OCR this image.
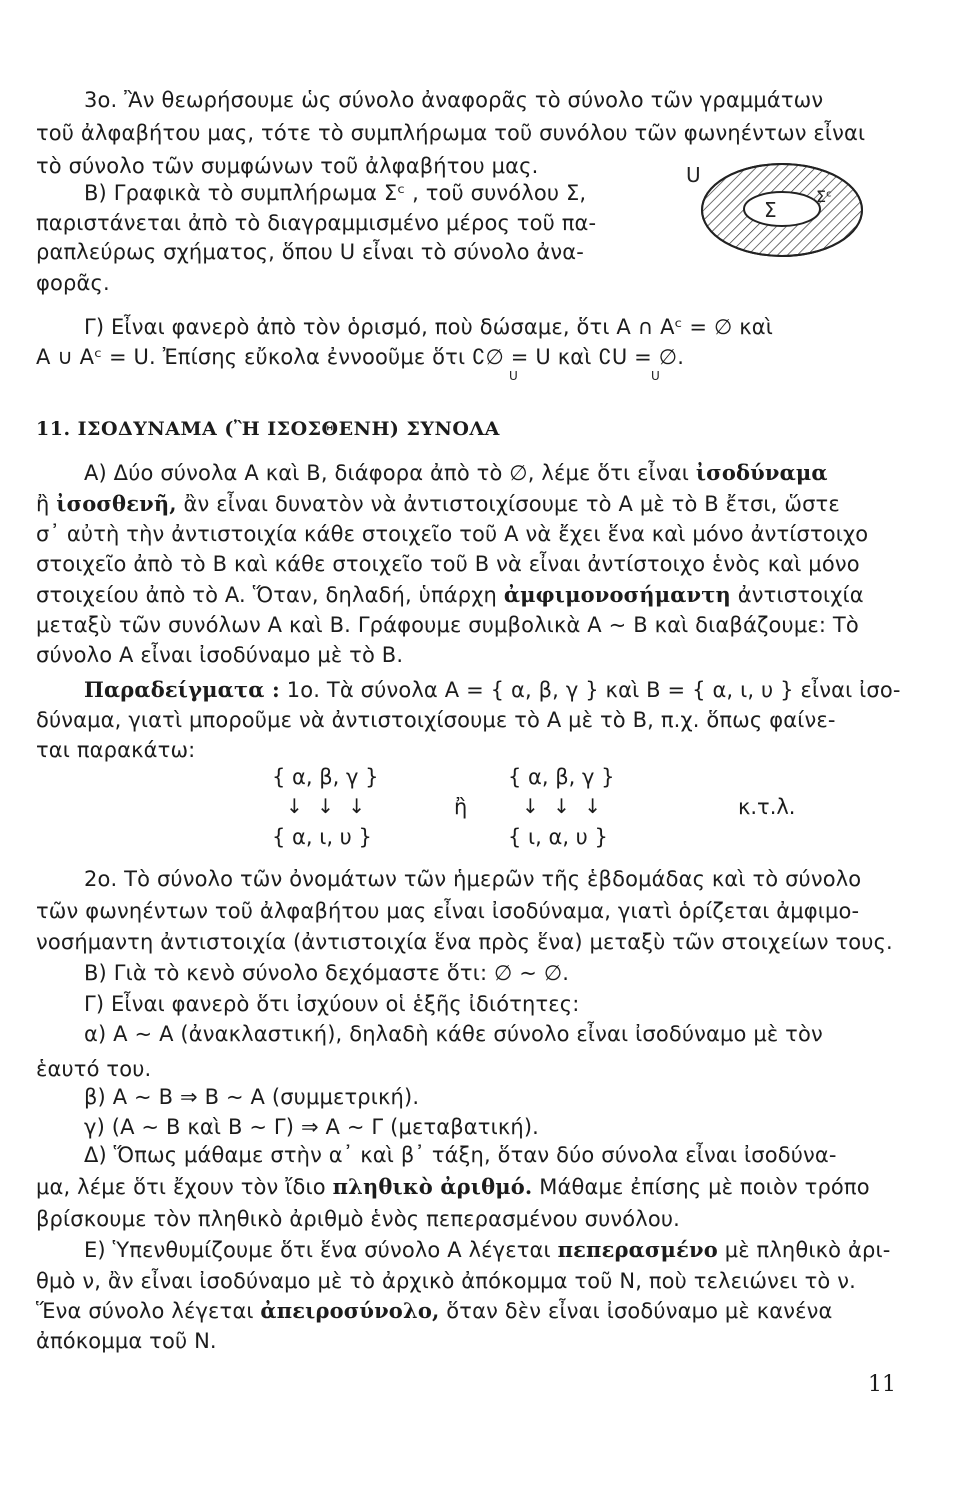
3ο. Ἂν θεωρήσουμε ὡς σύνολο ἀναφορᾶς τὸ σύνολο τῶν γραμμάτων
τοῦ ἀλφαβήτου μας, τότε τὸ συμπλήρωμα τοῦ συνόλου τῶν φωνηέντων εἶναι
τὸ σύνολο τῶν συμφώνων τοῦ ἀλφαβήτου μας.
Β) Γραφικὰ τὸ συμπλήρωμα Σᶜ , τοῦ συνόλου Σ,
παριστάνεται ἀπὸ τὸ διαγραμμισμένο μέρος τοῦ πα-
ραπλεύρως σχήματος, ὅπου U εἶναι τὸ σύνολο ἀνα-
φορᾶς.
U
Σ
Σᶜ
Γ) Εἶναι φανερὸ ἀπὸ τὸν ὁρισμό, ποὺ δώσαμε, ὅτι A ∩ Aᶜ = ∅ καὶ
A ∪ Aᶜ = U. Ἐπίσης εὔκολα ἐννοοῦμε ὅτι ∁∅ = U καὶ ∁U = ∅.
U	U
11. ΙΣΟΔΥΝΑΜΑ (Ἢ ΙΣΟΣΘΕΝΗ) ΣΥΝΟΛΑ
Α) Δύο σύνολα A καὶ B, διάφορα ἀπὸ τὸ ∅, λέμε ὅτι εἶναι ἰσοδύναμα
ἢ ἰσοσθενῆ, ἂν εἶναι δυνατὸν νὰ ἀντιστοιχίσουμε τὸ A μὲ τὸ B ἔτσι, ὥστε
σ᾽ αὐτὴ τὴν ἀντιστοιχία κάθε στοιχεῖο τοῦ A νὰ ἔχει ἕνα καὶ μόνο ἀντίστοιχο
στοιχεῖο ἀπὸ τὸ B καὶ κάθε στοιχεῖο τοῦ B νὰ εἶναι ἀντίστοιχο ἑνὸς καὶ μόνο
στοιχείου ἀπὸ τὸ A. Ὅταν, δηλαδή, ὑπάρχη ἀμφιμονοσήμαντη ἀντιστοιχία
μεταξὺ τῶν συνόλων A καὶ B. Γράφουμε συμβολικὰ A ∼ B καὶ διαβάζουμε: Τὸ
σύνολο A εἶναι ἰσοδύναμο μὲ τὸ B.
Παραδείγματα : 1ο. Τὰ σύνολα A = { α, β, γ } καὶ B = { α, ι, υ } εἶναι ἰσο-
δύναμα, γιατὶ μποροῦμε νὰ ἀντιστοιχίσουμε τὸ A μὲ τὸ B, π.χ. ὅπως φαίνε-
ται παρακάτω:
{ α, β, γ }
↓ ↓ ↓
{ α, ι, υ }
ἢ
{ α, β, γ }
↓ ↓ ↓
{ ι, α, υ }
κ.τ.λ.
2ο. Τὸ σύνολο τῶν ὀνομάτων τῶν ἡμερῶν τῆς ἑβδομάδας καὶ τὸ σύνολο
τῶν φωνηέντων τοῦ ἀλφαβήτου μας εἶναι ἰσοδύναμα, γιατὶ ὁρίζεται ἀμφιμο-
νοσήμαντη ἀντιστοιχία (ἀντιστοιχία ἕνα πρὸς ἕνα) μεταξὺ τῶν στοιχείων τους.
Β) Γιὰ τὸ κενὸ σύνολο δεχόμαστε ὅτι: ∅ ∼ ∅.
Γ) Εἶναι φανερὸ ὅτι ἰσχύουν οἱ ἑξῆς ἰδιότητες:
α) A ∼ A (ἀνακλαστική), δηλαδὴ κάθε σύνολο εἶναι ἰσοδύναμο μὲ τὸν
ἑαυτό του.
β) A ∼ B ⇒ B ∼ A (συμμετρική).
γ) (A ∼ B καὶ B ∼ Γ) ⇒ A ∼ Γ (μεταβατική).
Δ) Ὅπως μάθαμε στὴν α᾽ καὶ β᾽ τάξη, ὅταν δύο σύνολα εἶναι ἰσοδύνα-
μα, λέμε ὅτι ἔχουν τὸν ἴδιο πληθικὸ ἀριθμό. Μάθαμε ἐπίσης μὲ ποιὸν τρόπο
βρίσκουμε τὸν πληθικὸ ἀριθμὸ ἑνὸς πεπερασμένου συνόλου.
Ε) Ὑπενθυμίζουμε ὅτι ἕνα σύνολο A λέγεται πεπερασμένο μὲ πληθικὸ ἀρι-
θμὸ ν, ἂν εἶναι ἰσοδύναμο μὲ τὸ ἀρχικὸ ἀπόκομμα τοῦ N, ποὺ τελειώνει τὸ ν.
Ἕνα σύνολο λέγεται ἀπειροσύνολο, ὅταν δὲν εἶναι ἰσοδύναμο μὲ κανένα
ἀπόκομμα τοῦ N.
11
